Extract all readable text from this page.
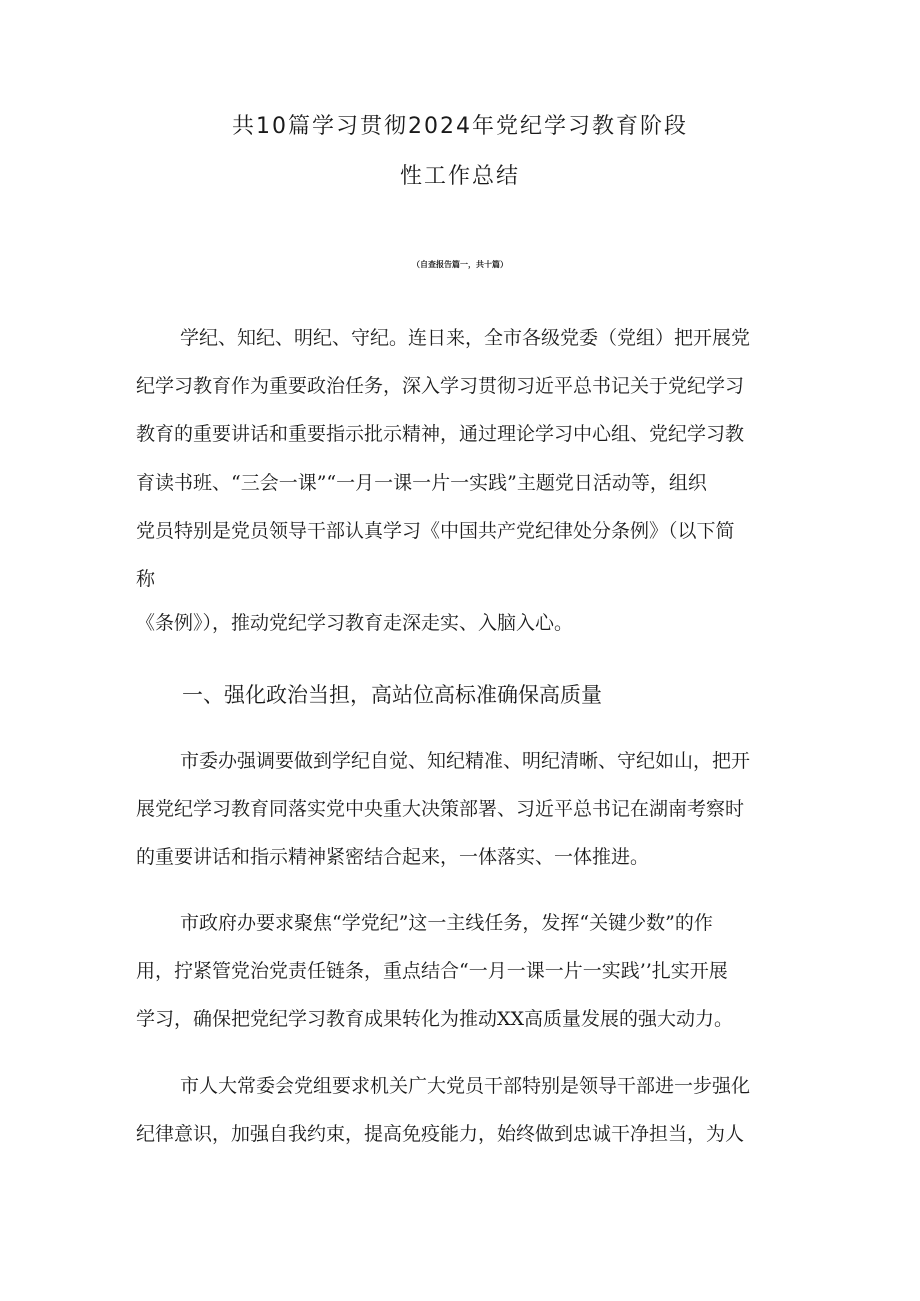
共10篇学习贯彻2024年党纪学习教育阶段
性工作总结
（自查报告篇一，共十篇）
学纪、知纪、明纪、守纪。连日来，全市各级党委（党组）把开展党
纪学习教育作为重要政治任务，深入学习贯彻习近平总书记关于党纪学习
教育的重要讲话和重要指示批示精神，通过理论学习中心组、党纪学习教
育读书班、“三会一课”“一月一课一片一实践”主题党日活动等，组织
党员特别是党员领导干部认真学习《中国共产党纪律处分条例》（以下简
称
《条例》），推动党纪学习教育走深走实、入脑入心。
一、强化政治当担，高站位高标准确保高质量
市委办强调要做到学纪自觉、知纪精准、明纪清晰、守纪如山，把开
展党纪学习教育同落实党中央重大决策部署、习近平总书记在湖南考察时
的重要讲话和指示精神紧密结合起来，一体落实、一体推进。
市政府办要求聚焦“学党纪”这一主线任务，发挥“关键少数”的作
用，拧紧管党治党责任链条，重点结合“一月一课一片一实践’’扎实开展
学习，确保把党纪学习教育成果转化为推动XX高质量发展的强大动力。
市人大常委会党组要求机关广大党员干部特别是领导干部进一步强化
纪律意识，加强自我约束，提高免疫能力，始终做到忠诚干净担当，为人
